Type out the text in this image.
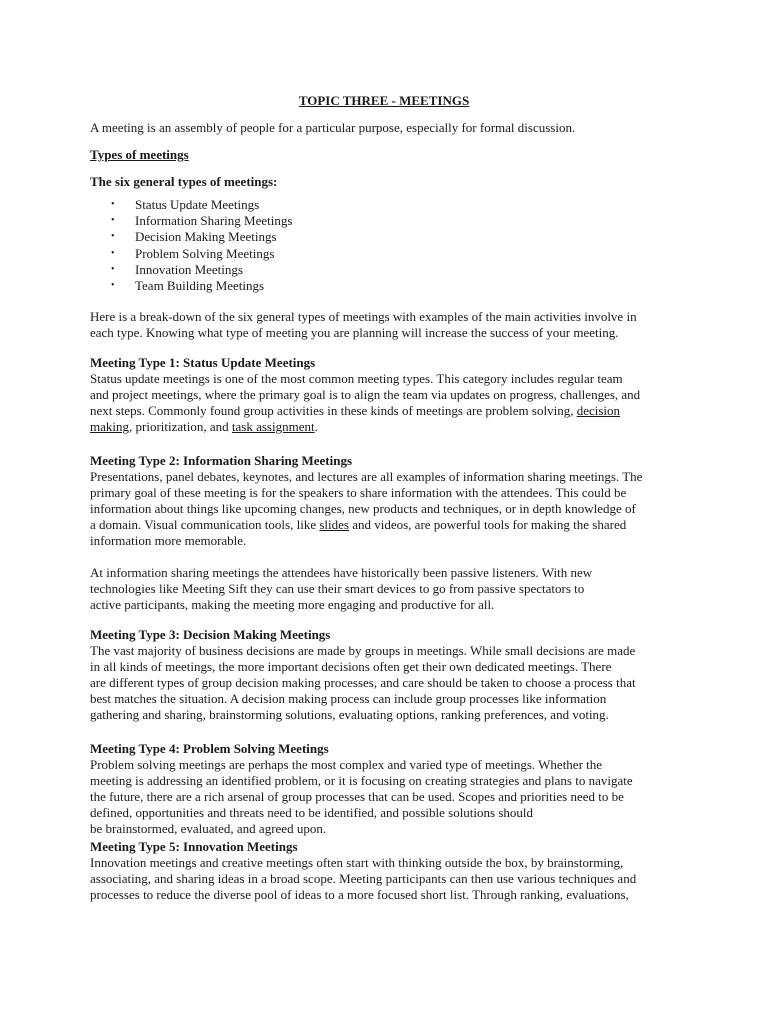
TOPIC THREE - MEETINGS
A meeting is an assembly of people for a particular purpose, especially for formal discussion.
Types of meetings
The six general types of meetings:
• Status Update Meetings
• Information Sharing Meetings
• Decision Making Meetings
• Problem Solving Meetings
• Innovation Meetings
• Team Building Meetings
Here is a break-down of the six general types of meetings with examples of the main activities involve in
each type. Knowing what type of meeting you are planning will increase the success of your meeting.
Meeting Type 1: Status Update Meetings
Status update meetings is one of the most common meeting types. This category includes regular team
and project meetings, where the primary goal is to align the team via updates on progress, challenges, and
next steps. Commonly found group activities in these kinds of meetings are problem solving, decision
making, prioritization, and task assignment.
Meeting Type 2: Information Sharing Meetings
Presentations, panel debates, keynotes, and lectures are all examples of information sharing meetings. The
primary goal of these meeting is for the speakers to share information with the attendees. This could be
information about things like upcoming changes, new products and techniques, or in depth knowledge of
a domain. Visual communication tools, like slides and videos, are powerful tools for making the shared
information more memorable.
At information sharing meetings the attendees have historically been passive listeners. With new
technologies like Meeting Sift they can use their smart devices to go from passive spectators to
active participants, making the meeting more engaging and productive for all.
Meeting Type 3: Decision Making Meetings
The vast majority of business decisions are made by groups in meetings. While small decisions are made
in all kinds of meetings, the more important decisions often get their own dedicated meetings. There
are different types of group decision making processes, and care should be taken to choose a process that
best matches the situation. A decision making process can include group processes like information
gathering and sharing, brainstorming solutions, evaluating options, ranking preferences, and voting.
Meeting Type 4: Problem Solving Meetings
Problem solving meetings are perhaps the most complex and varied type of meetings. Whether the
meeting is addressing an identified problem, or it is focusing on creating strategies and plans to navigate
the future, there are a rich arsenal of group processes that can be used. Scopes and priorities need to be
defined, opportunities and threats need to be identified, and possible solutions should
be brainstormed, evaluated, and agreed upon.
Meeting Type 5: Innovation Meetings
Innovation meetings and creative meetings often start with thinking outside the box, by brainstorming,
associating, and sharing ideas in a broad scope. Meeting participants can then use various techniques and
processes to reduce the diverse pool of ideas to a more focused short list. Through ranking, evaluations,
